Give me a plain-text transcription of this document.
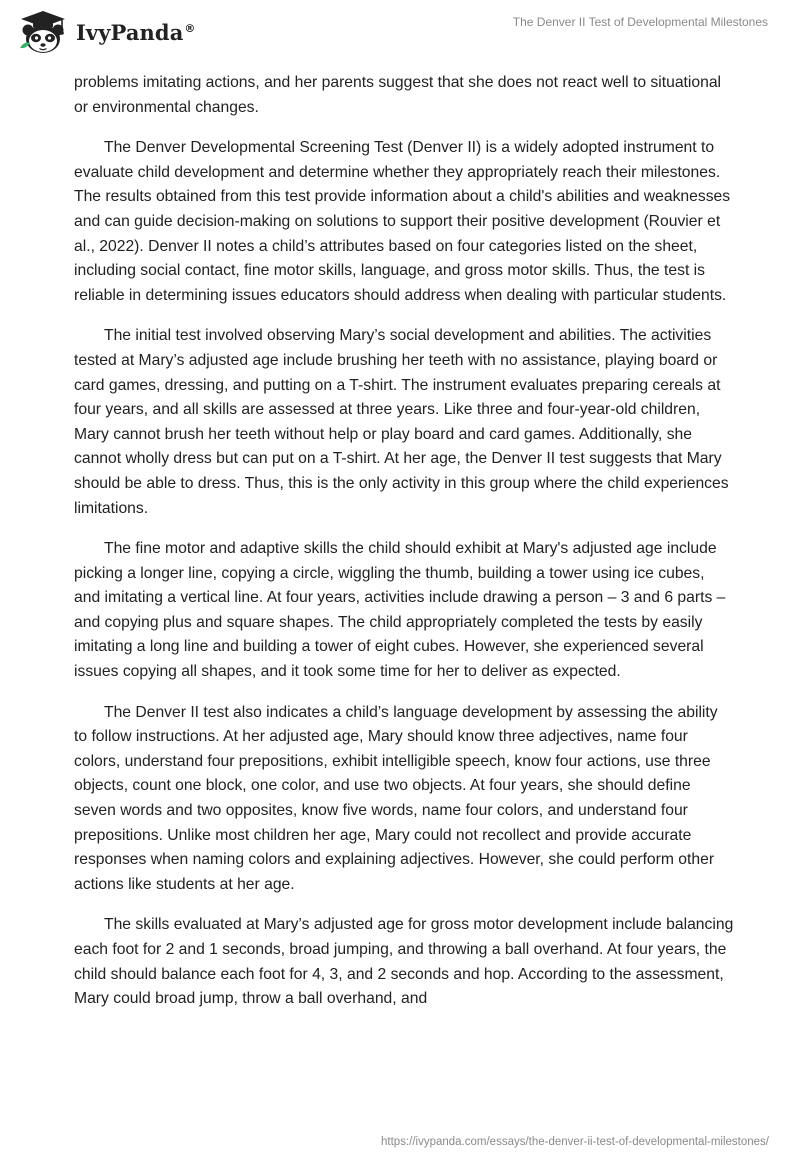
IvyPanda®	The Denver II Test of Developmental Milestones

problems imitating actions, and her parents suggest that she does not react well to situational or environmental changes.

The Denver Developmental Screening Test (Denver II) is a widely adopted instrument to evaluate child development and determine whether they appropriately reach their milestones. The results obtained from this test provide information about a child's abilities and weaknesses and can guide decision-making on solutions to support their positive development (Rouvier et al., 2022). Denver II notes a child’s attributes based on four categories listed on the sheet, including social contact, fine motor skills, language, and gross motor skills. Thus, the test is reliable in determining issues educators should address when dealing with particular students.

The initial test involved observing Mary’s social development and abilities. The activities tested at Mary’s adjusted age include brushing her teeth with no assistance, playing board or card games, dressing, and putting on a T-shirt. The instrument evaluates preparing cereals at four years, and all skills are assessed at three years. Like three and four-year-old children, Mary cannot brush her teeth without help or play board and card games. Additionally, she cannot wholly dress but can put on a T-shirt. At her age, the Denver II test suggests that Mary should be able to dress. Thus, this is the only activity in this group where the child experiences limitations.

The fine motor and adaptive skills the child should exhibit at Mary's adjusted age include picking a longer line, copying a circle, wiggling the thumb, building a tower using ice cubes, and imitating a vertical line. At four years, activities include drawing a person – 3 and 6 parts – and copying plus and square shapes. The child appropriately completed the tests by easily imitating a long line and building a tower of eight cubes. However, she experienced several issues copying all shapes, and it took some time for her to deliver as expected.

The Denver II test also indicates a child’s language development by assessing the ability to follow instructions. At her adjusted age, Mary should know three adjectives, name four colors, understand four prepositions, exhibit intelligible speech, know four actions, use three objects, count one block, one color, and use two objects. At four years, she should define seven words and two opposites, know five words, name four colors, and understand four prepositions. Unlike most children her age, Mary could not recollect and provide accurate responses when naming colors and explaining adjectives. However, she could perform other actions like students at her age.

The skills evaluated at Mary’s adjusted age for gross motor development include balancing each foot for 2 and 1 seconds, broad jumping, and throwing a ball overhand. At four years, the child should balance each foot for 4, 3, and 2 seconds and hop. According to the assessment, Mary could broad jump, throw a ball overhand, and

https://ivypanda.com/essays/the-denver-ii-test-of-developmental-milestones/
